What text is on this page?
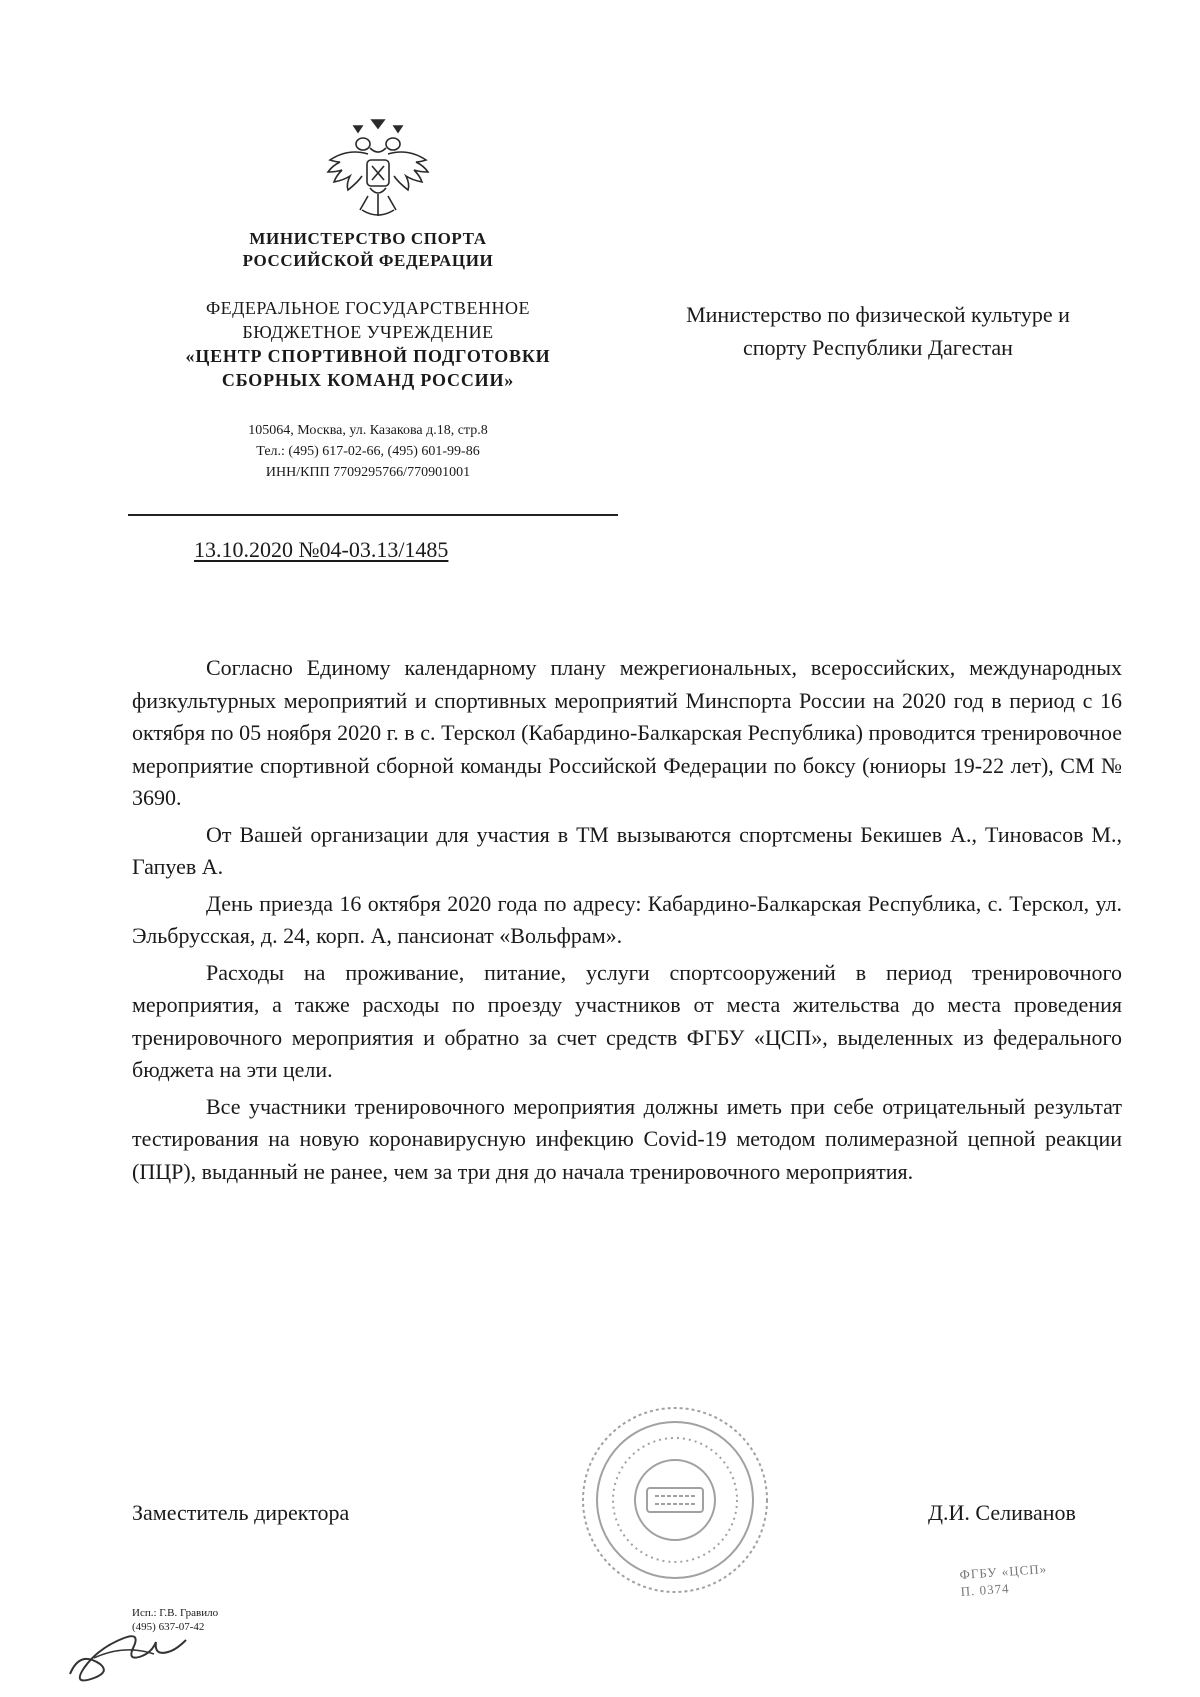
МИНИСТЕРСТВО СПОРТА
РОССИЙСКОЙ ФЕДЕРАЦИИ
ФЕДЕРАЛЬНОЕ ГОСУДАРСТВЕННОЕ
БЮДЖЕТНОЕ УЧРЕЖДЕНИЕ
«ЦЕНТР СПОРТИВНОЙ ПОДГОТОВКИ
СБОРНЫХ КОМАНД РОССИИ»
105064, Москва, ул. Казакова д.18, стр.8
Тел.: (495) 617-02-66, (495) 601-99-86
ИНН/КПП 7709295766/770901001
13.10.2020 №04-03.13/1485
Министерство по физической культуре и
спорту Республики Дагестан

Согласно Единому календарному плану межрегиональных, всероссийских, международных физкультурных мероприятий и спортивных мероприятий Минспорта России на 2020 год в период с 16 октября по 05 ноября 2020 г. в с. Терскол (Кабардино-Балкарская Республика) проводится тренировочное мероприятие спортивной сборной команды Российской Федерации по боксу (юниоры 19-22 лет), СМ № 3690.

От Вашей организации для участия в ТМ вызываются спортсмены Бекишев А., Тиновасов М., Гапуев А.

День приезда 16 октября 2020 года по адресу: Кабардино-Балкарская Республика, с. Терскол, ул. Эльбрусская, д. 24, корп. А, пансионат «Вольфрам».

Расходы на проживание, питание, услуги спортсооружений в период тренировочного мероприятия, а также расходы по проезду участников от места жительства до места проведения тренировочного мероприятия и обратно за счет средств ФГБУ «ЦСП», выделенных из федерального бюджета на эти цели.

Все участники тренировочного мероприятия должны иметь при себе отрицательный результат тестирования на новую коронавирусную инфекцию Covid-19 методом полимеразной цепной реакции (ПЦР), выданный не ранее, чем за три дня до начала тренировочного мероприятия.

Заместитель директора	Д.И. Селиванов
Исп.: Г.В. Гравило
(495) 637-07-42
ФГБУ «ЦСП»
П. 0374
